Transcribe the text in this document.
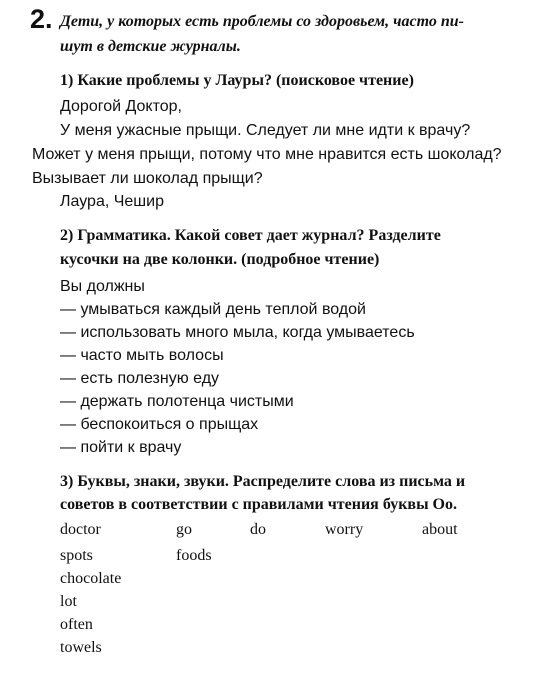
2. Дети, у которых есть проблемы со здоровьем, часто пи-
шут в детские журналы.
1) Какие проблемы у Лауры? (поисковое чтение)
Дорогой Доктор,
У меня ужасные прыщи. Следует ли мне идти к врачу?
Может у меня прыщи, потому что мне нравится есть шоколад?
Вызывает ли шоколад прыщи?
Лаура, Чешир
2) Грамматика. Какой совет дает журнал? Разделите
кусочки на две колонки. (подробное чтение)
Вы должны
— умываться каждый день теплой водой
— использовать много мыла, когда умываетесь
— часто мыть волосы
— есть полезную еду
— держать полотенца чистыми
— беспокоиться о прыщах
— пойти к врачу
3) Буквы, знаки, звуки. Распределите слова из письма и
советов в соответствии с правилами чтения буквы Оо.
doctor	go	do	worry	about
spots	foods
chocolate
lot
often
towels
